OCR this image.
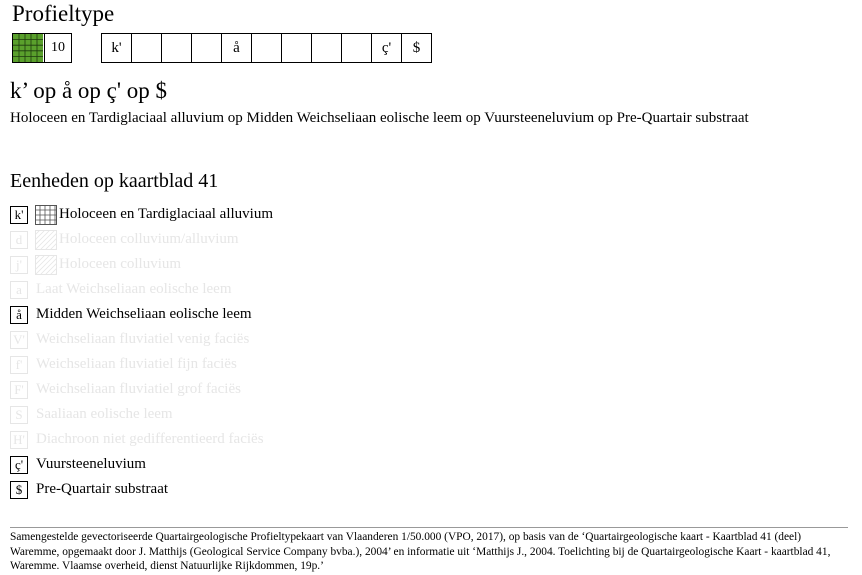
Profieltype
10	k'	å	ç'	$
k’ op å op ç' op $
Holoceen en Tardiglaciaal alluvium op Midden Weichseliaan eolische leem op Vuursteeneluvium op Pre-Quartair substraat
Eenheden op kaartblad 41
k'	Holoceen en Tardiglaciaal alluvium
d	Holoceen colluvium/alluvium
j'	Holoceen colluvium
a Laat Weichseliaan eolische leem
å Midden Weichseliaan eolische leem
V' Weichseliaan fluviatiel venig faciës
f' Weichseliaan fluviatiel fijn faciës
F' Weichseliaan fluviatiel grof faciës
S Saaliaan eolische leem
H' Diachroon niet gedifferentieerd faciës
ç' Vuursteeneluvium
$ Pre-Quartair substraat
Samengestelde gevectoriseerde Quartairgeologische Profieltypekaart van Vlaanderen 1/50.000 (VPO, 2017), op basis van de ‘Quartairgeologische kaart - Kaartblad 41 (deel) Waremme, opgemaakt door J. Matthijs (Geological Service Company bvba.), 2004’ en informatie uit ‘Matthijs J., 2004. Toelichting bij de Quartairgeologische Kaart - kaartblad 41, Waremme. Vlaamse overheid, dienst Natuurlijke Rijkdommen, 19p.’
